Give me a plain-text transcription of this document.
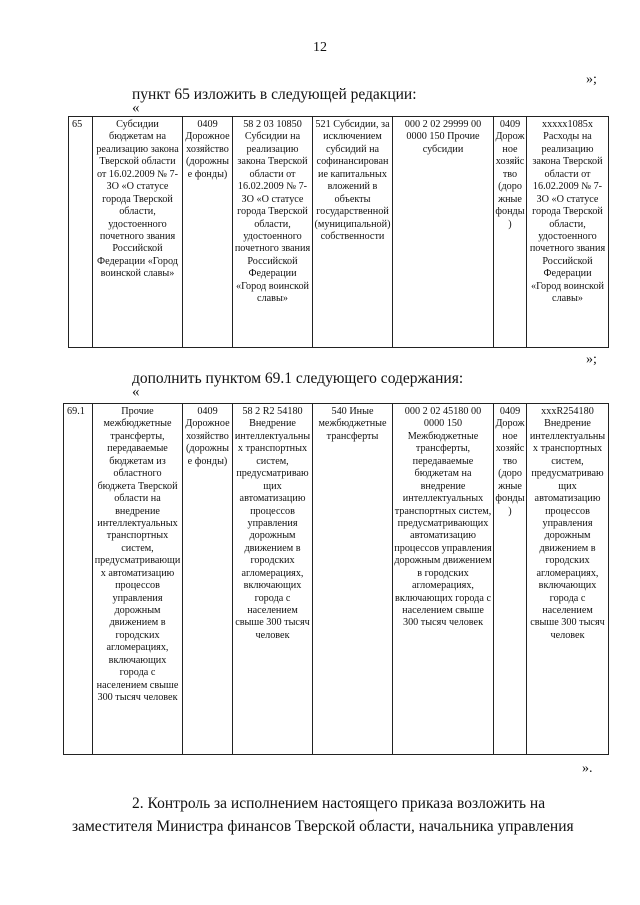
12
»;
пункт 65 изложить в следующей редакции:
«
65	Субсидии бюджетам на реализацию закона Тверской области от 16.02.2009 № 7-ЗО «О статусе города Тверской области, удостоенного почетного звания Российской Федерации «Город воинской славы»	0409 Дорожное хозяйство (дорожные фонды)	58 2 03 10850 Субсидии на реализацию закона Тверской области от 16.02.2009 № 7-ЗО «О статусе города Тверской области, удостоенного почетного звания Российской Федерации «Город воинской славы»	521 Субсидии, за исключением субсидий на софинансирование капитальных вложений в объекты государственной (муниципальной) собственности	000 2 02 29999 00 0000 150 Прочие субсидии	0409 Дорожное хозяйство (дорожные фонды)	xxxxx1085x Расходы на реализацию закона Тверской области от 16.02.2009 № 7-ЗО «О статусе города Тверской области, удостоенного почетного звания Российской Федерации «Город воинской славы»
»;
дополнить пунктом 69.1 следующего содержания:
«
69.1	Прочие межбюджетные трансферты, передаваемые бюджетам из областного бюджета Тверской области на внедрение интеллектуальных транспортных систем, предусматривающих автоматизацию процессов управления дорожным движением в городских агломерациях, включающих города с населением свыше 300 тысяч человек	0409 Дорожное хозяйство (дорожные фонды)	58 2 R2 54180 Внедрение интеллектуальных транспортных систем, предусматривающих автоматизацию процессов управления дорожным движением в городских агломерациях, включающих города с населением свыше 300 тысяч человек	540 Иные межбюджетные трансферты	000 2 02 45180 00 0000 150 Межбюджетные трансферты, передаваемые бюджетам на внедрение интеллектуальных транспортных систем, предусматривающих автоматизацию процессов управления дорожным движением в городских агломерациях, включающих города с населением свыше 300 тысяч человек	0409 Дорожное хозяйство (дорожные фонды)	xxxR254180 Внедрение интеллектуальных транспортных систем, предусматривающих автоматизацию процессов управления дорожным движением в городских агломерациях, включающих города с населением свыше 300 тысяч человек
».
2. Контроль за исполнением настоящего приказа возложить на
заместителя Министра финансов Тверской области, начальника управления
